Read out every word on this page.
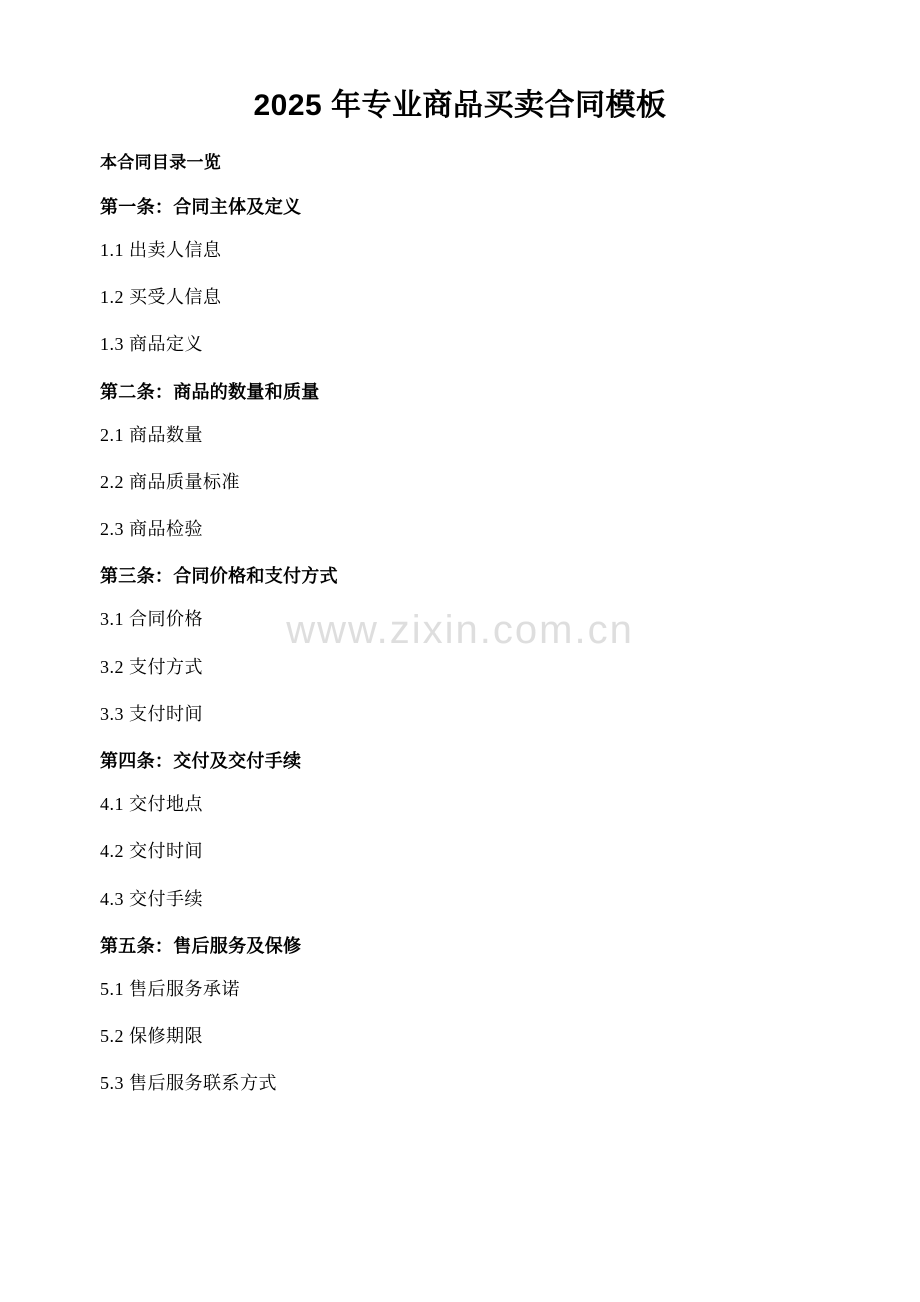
www.zixin.com.cn
2025 年专业商品买卖合同模板
本合同目录一览
第一条：合同主体及定义
1.1 出卖人信息
1.2 买受人信息
1.3 商品定义
第二条：商品的数量和质量
2.1 商品数量
2.2 商品质量标准
2.3 商品检验
第三条：合同价格和支付方式
3.1 合同价格
3.2 支付方式
3.3 支付时间
第四条：交付及交付手续
4.1 交付地点
4.2 交付时间
4.3 交付手续
第五条：售后服务及保修
5.1 售后服务承诺
5.2 保修期限
5.3 售后服务联系方式
